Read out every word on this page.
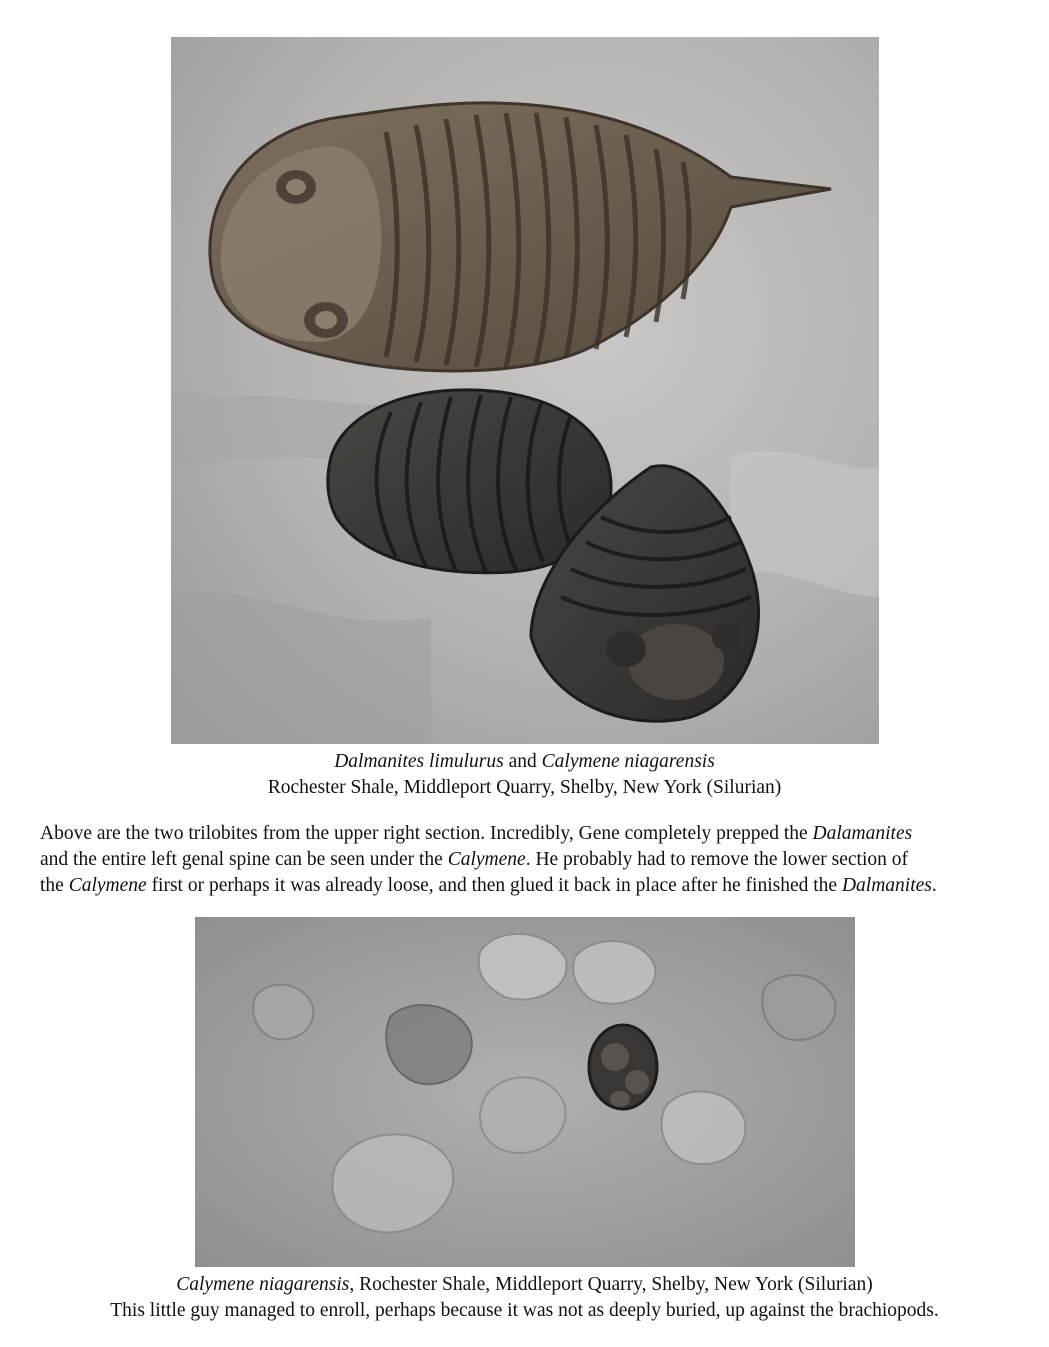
Dalmanites limulurus and Calymene niagarensis
Rochester Shale, Middleport Quarry, Shelby, New York (Silurian)
Above are the two trilobites from the upper right section. Incredibly, Gene completely prepped the Dalamanites
and the entire left genal spine can be seen under the Calymene. He probably had to remove the lower section of
the Calymene first or perhaps it was already loose, and then glued it back in place after he finished the Dalmanites.
Calymene niagarensis, Rochester Shale, Middleport Quarry, Shelby, New York (Silurian)
This little guy managed to enroll, perhaps because it was not as deeply buried, up against the brachiopods.
